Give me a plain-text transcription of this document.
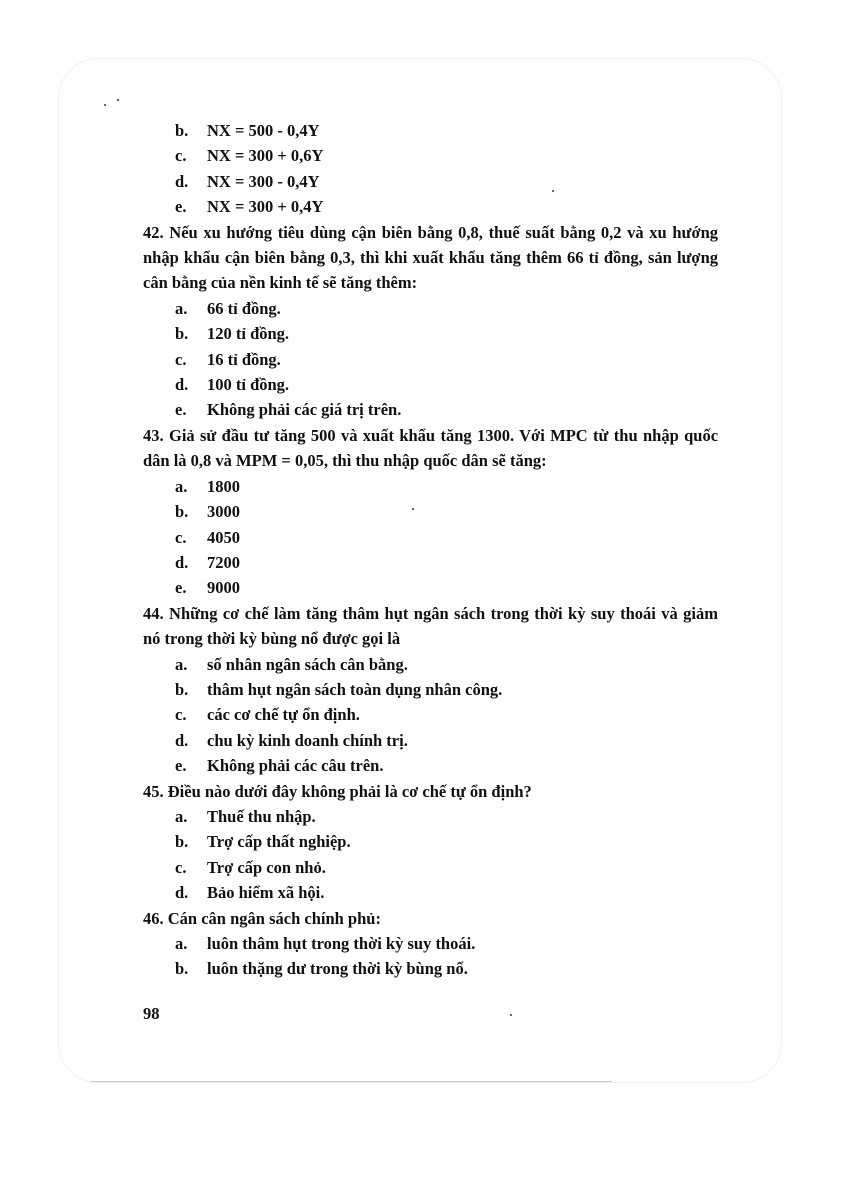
b.	NX = 500 - 0,4Y
c.	NX = 300 + 0,6Y
d.	NX = 300 - 0,4Y
e.	NX = 300 + 0,4Y
42. Nếu xu hướng tiêu dùng cận biên bằng 0,8, thuế suất bằng 0,2 và xu hướng nhập khẩu cận biên bằng 0,3, thì khi xuất khẩu tăng thêm 66 tỉ đồng, sản lượng cân bằng của nền kinh tế sẽ tăng thêm:
a.	66 tỉ đồng.
b.	120 tỉ đồng.
c.	16 tỉ đồng.
d.	100 tỉ đồng.
e.	Không phải các giá trị trên.
43. Giả sử đầu tư tăng 500 và xuất khẩu tăng 1300. Với MPC từ thu nhập quốc dân là 0,8 và MPM = 0,05, thì thu nhập quốc dân sẽ tăng:
a.	1800
b.	3000
c.	4050
d.	7200
e.	9000
44. Những cơ chế làm tăng thâm hụt ngân sách trong thời kỳ suy thoái và giảm nó trong thời kỳ bùng nổ được gọi là
a.	số nhân ngân sách cân bằng.
b.	thâm hụt ngân sách toàn dụng nhân công.
c.	các cơ chế tự ổn định.
d.	chu kỳ kinh doanh chính trị.
e.	Không phải các câu trên.
45. Điều nào dưới đây không phải là cơ chế tự ổn định?
a.	Thuế thu nhập.
b.	Trợ cấp thất nghiệp.
c.	Trợ cấp con nhỏ.
d.	Bảo hiểm xã hội.
46. Cán cân ngân sách chính phủ:
a.	luôn thâm hụt trong thời kỳ suy thoái.
b.	luôn thặng dư trong thời kỳ bùng nổ.
98
